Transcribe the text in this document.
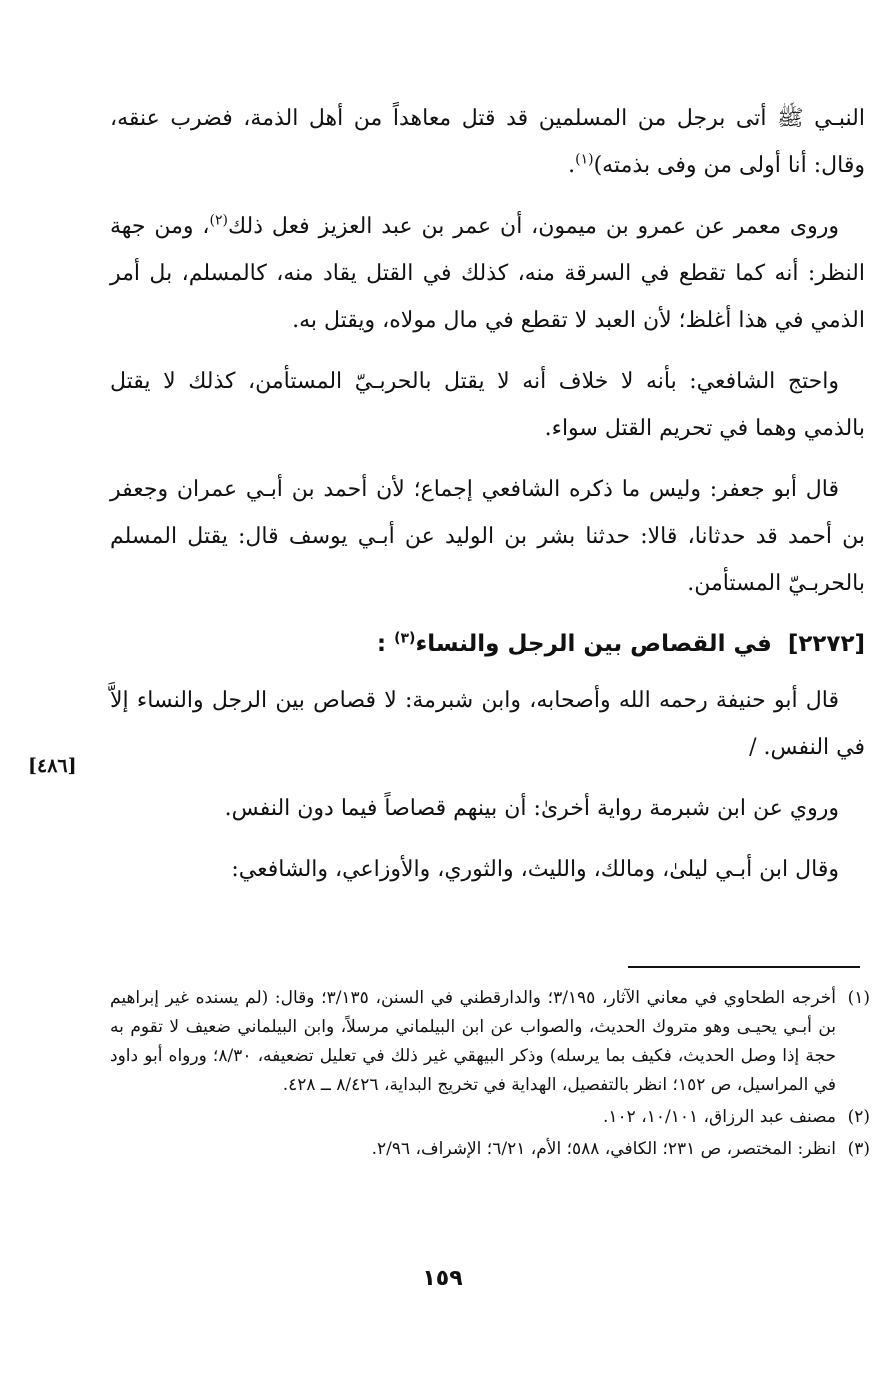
النبـي ﷺ أتى برجل من المسلمين قد قتل معاهداً من أهل الذمة، فضرب عنقه، وقال: أنا أولى من وفى بذمته)$^{(١)}$.

وروى معمر عن عمرو بن ميمون، أن عمر بن عبد العزيز فعل ذلك$^{(٢)}$، ومن جهة النظر: أنه كما تقطع في السرقة منه، كذلك في القتل يقاد منه، كالمسلم، بل أمر الذمي في هذا أغلظ؛ لأن العبد لا تقطع في مال مولاه، ويقتل به.

واحتج الشافعي: بأنه لا خلاف أنه لا يقتل بالحربـيّ المستأمن، كذلك لا يقتل بالذمي وهما في تحريم القتل سواء.

قال أبو جعفر: وليس ما ذكره الشافعي إجماع؛ لأن أحمد بن أبـي عمران وجعفر بن أحمد قد حدثانا، قالا: حدثنا بشر بن الوليد عن أبـي يوسف قال: يقتل المسلم بالحربـيّ المستأمن.

[٢٢٧٢]  في القصاص بين الرجل والنساء$^{(٣)}$ :

قال أبو حنيفة رحمه الله وأصحابه، وابن شبرمة: لا قصاص بين الرجل والنساء إلاَّ في النفس. /

وروي عن ابن شبرمة رواية أخرىٰ: أن بينهم قصاصاً فيما دون النفس.

وقال ابن أبـي ليلىٰ، ومالك، والليث، والثوري، والأوزاعي، والشافعي:

[٤٨٦]
(١)
أخرجه الطحاوي في معاني الآثار، ٣/١٩٥؛ والدارقطني في السنن، ٣/١٣٥؛ وقال: (لم يسنده غير إبراهيم بن أبـي يحيـى وهو متروك الحديث، والصواب عن ابن البيلماني مرسلاً، وابن البيلماني ضعيف لا تقوم به حجة إذا وصل الحديث، فكيف بما يرسله) وذكر البيهقي غير ذلك في تعليل تضعيفه، ٨/٣٠؛ ورواه أبو داود في المراسيل، ص ١٥٢؛ انظر بالتفصيل، الهداية في تخريج البداية، ٨/٤٢٦ ــ ٤٢٨.
(٢)
مصنف عبد الرزاق، ١٠/١٠١، ١٠٢.
(٣)
انظر: المختصر، ص ٢٣١؛ الكافي، ٥٨٨؛ الأم، ٦/٢١؛ الإشراف، ٢/٩٦.
١٥٩
